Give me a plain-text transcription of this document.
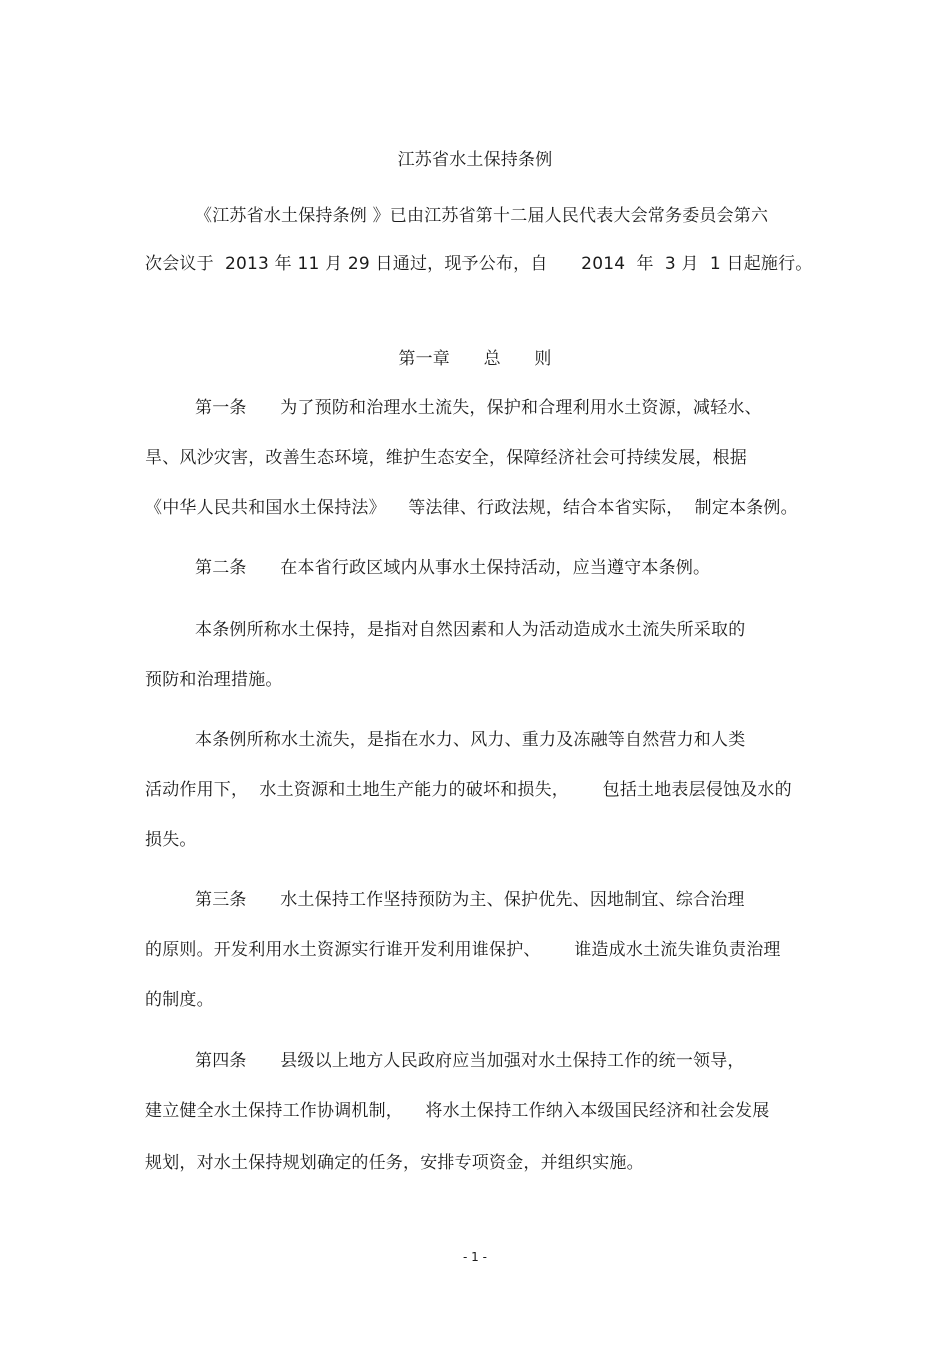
江苏省水土保持条例
《江苏省水土保持条例 》已由江苏省第十二届人民代表大会常务委员会第六
次会议于  2013 年 11 月 29 日通过，现予公布，自      2014  年  3 月  1 日起施行。
第一章      总      则
第一条      为了预防和治理水土流失，保护和合理利用水土资源，减轻水、
旱、风沙灾害，改善生态环境，维护生态安全，保障经济社会可持续发展，根据
《中华人民共和国水土保持法》    等法律、行政法规，结合本省实际，  制定本条例。
第二条      在本省行政区域内从事水土保持活动，应当遵守本条例。
本条例所称水土保持，是指对自然因素和人为活动造成水土流失所采取的
预防和治理措施。
本条例所称水土流失，是指在水力、风力、重力及冻融等自然营力和人类
活动作用下，  水土资源和土地生产能力的破坏和损失，      包括土地表层侵蚀及水的
损失。
第三条      水土保持工作坚持预防为主、保护优先、因地制宜、综合治理
的原则。开发利用水土资源实行谁开发利用谁保护、      谁造成水土流失谁负责治理
的制度。
第四条      县级以上地方人民政府应当加强对水土保持工作的统一领导，
建立健全水土保持工作协调机制，    将水土保持工作纳入本级国民经济和社会发展
规划，对水土保持规划确定的任务，安排专项资金，并组织实施。
- 1 -
